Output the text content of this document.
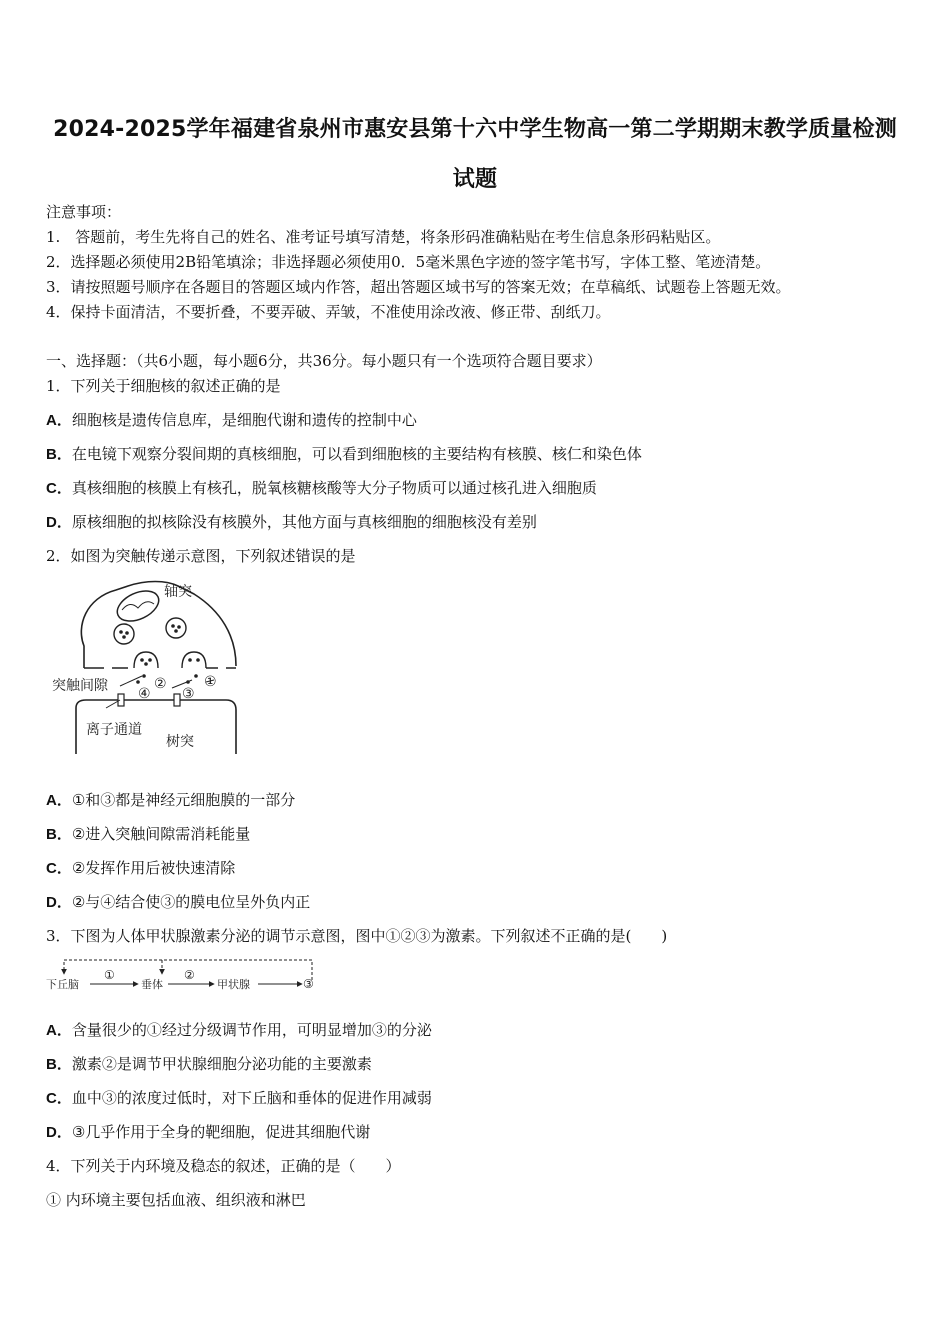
2024-2025学年福建省泉州市惠安县第十六中学生物高一第二学期期末教学质量检测
试题
注意事项：
1.　答题前，考生先将自己的姓名、准考证号填写清楚，将条形码准确粘贴在考生信息条形码粘贴区。
2．选择题必须使用2B铅笔填涂；非选择题必须使用0．5毫米黑色字迹的签字笔书写，字体工整、笔迹清楚。
3．请按照题号顺序在各题目的答题区域内作答，超出答题区域书写的答案无效；在草稿纸、试题卷上答题无效。
4．保持卡面清洁，不要折叠，不要弄破、弄皱，不准使用涂改液、修正带、刮纸刀。
一、选择题：（共6小题，每小题6分，共36分。每小题只有一个选项符合题目要求）
1．下列关于细胞核的叙述正确的是
A．细胞核是遗传信息库，是细胞代谢和遗传的控制中心
B．在电镜下观察分裂间期的真核细胞，可以看到细胞核的主要结构有核膜、核仁和染色体
C．真核细胞的核膜上有核孔，脱氧核糖核酸等大分子物质可以通过核孔进入细胞质
D．原核细胞的拟核除没有核膜外，其他方面与真核细胞的细胞核没有差别
2．如图为突触传递示意图，下列叙述错误的是
轴突
突触间隙
离子通道
树突
①
②
③
④
A．①和③都是神经元细胞膜的一部分
B．②进入突触间隙需消耗能量
C．②发挥作用后被快速清除
D．②与④结合使③的膜电位呈外负内正
3．下图为人体甲状腺激素分泌的调节示意图，图中①②③为激素。下列叙述不正确的是(　　)
下丘脑	垂体	甲状腺	③
①	②
A．含量很少的①经过分级调节作用，可明显增加③的分泌
B．激素②是调节甲状腺细胞分泌功能的主要激素
C．血中③的浓度过低时，对下丘脑和垂体的促进作用减弱
D．③几乎作用于全身的靶细胞，促进其细胞代谢
4．下列关于内环境及稳态的叙述，正确的是（　　）
① 内环境主要包括血液、组织液和淋巴
